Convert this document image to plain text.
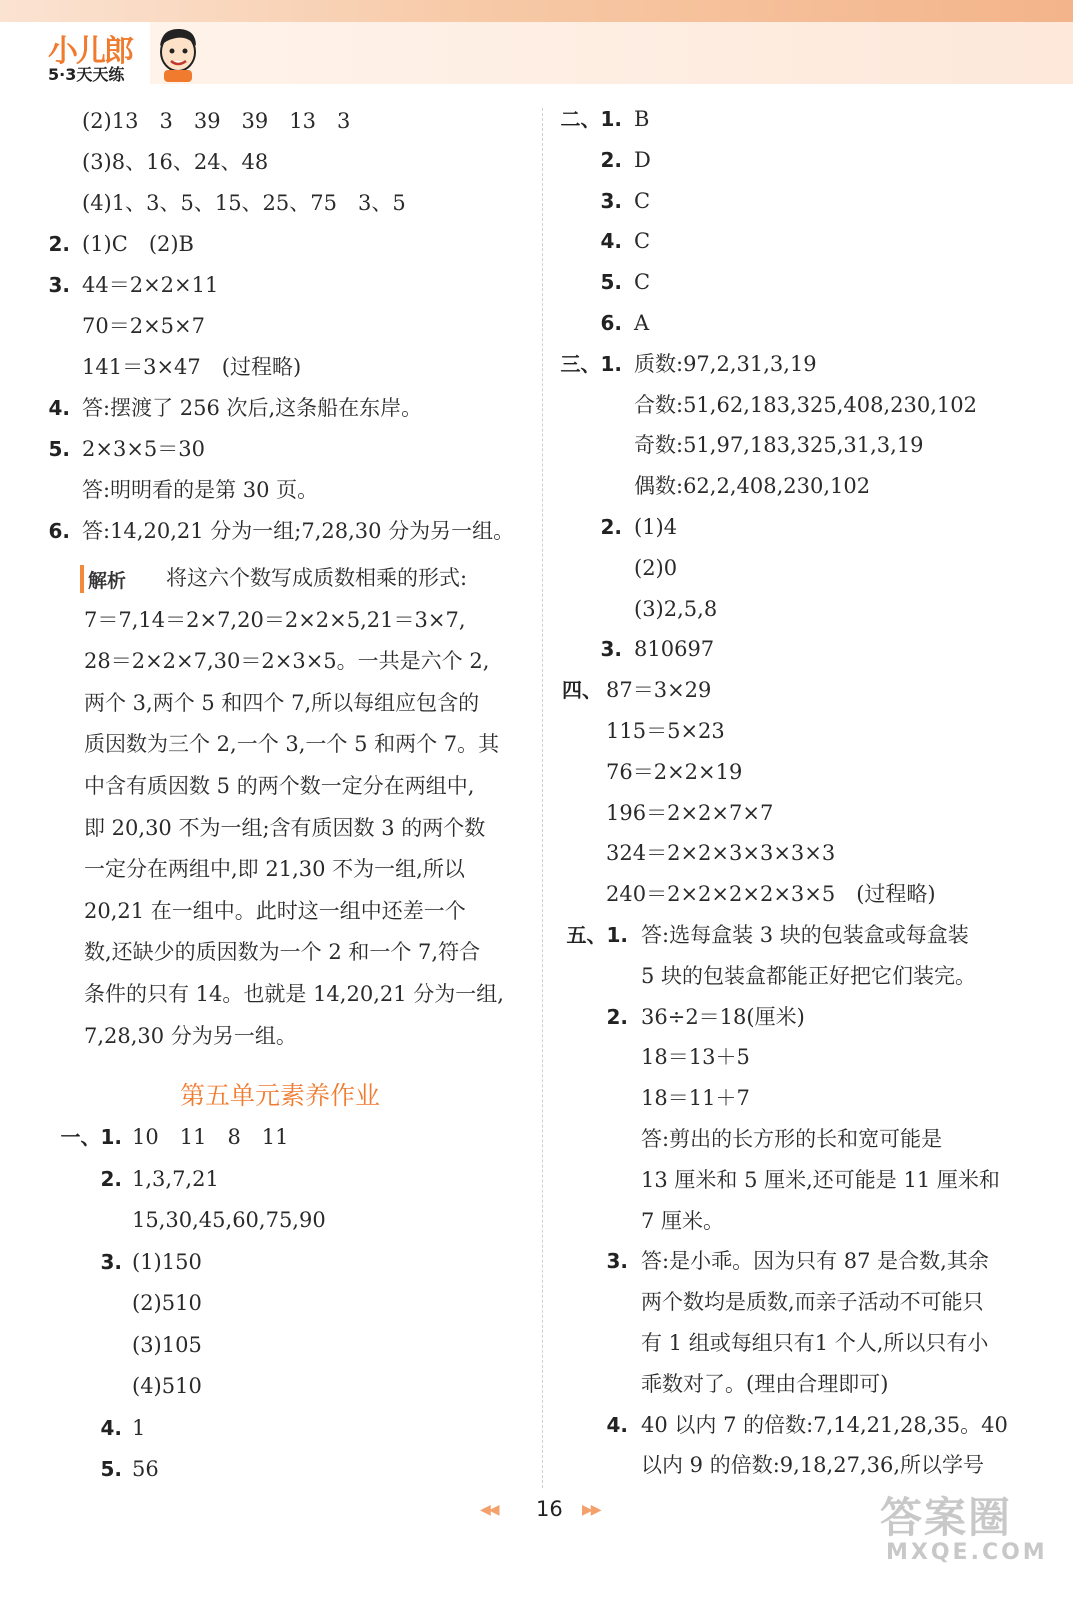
小儿郎
5·3天天练
(2)13　3　39　39　13　3
(3)8、16、24、48
(4)1、3、5、15、25、75　3、5
2. (1)C　(2)B
3. 44＝2×2×11
70＝2×5×7
141＝3×47　(过程略)
4. 答:摆渡了 256 次后,这条船在东岸。
5. 2×3×5＝30
答:明明看的是第 30 页。
6. 答:14,20,21 分为一组;7,28,30 分为另一组。
解析 将这六个数写成质数相乘的形式:
7＝7,14＝2×7,20＝2×2×5,21＝3×7,
28＝2×2×7,30＝2×3×5。一共是六个 2,
两个 3,两个 5 和四个 7,所以每组应包含的
质因数为三个 2,一个 3,一个 5 和两个 7。其
中含有质因数 5 的两个数一定分在两组中,
即 20,30 不为一组;含有质因数 3 的两个数
一定分在两组中,即 21,30 不为一组,所以
20,21 在一组中。此时这一组中还差一个
数,还缺少的质因数为一个 2 和一个 7,符合
条件的只有 14。也就是 14,20,21 分为一组,
7,28,30 分为另一组。
第五单元素养作业
一、1. 10　11　8　11
2. 1,3,7,21
15,30,45,60,75,90
3. (1)150
(2)510
(3)105
(4)510
4. 1
5. 56
二、1. B
2. D
3. C
4. C
5. C
6. A
三、1. 质数:97,2,31,3,19
合数:51,62,183,325,408,230,102
奇数:51,97,183,325,31,3,19
偶数:62,2,408,230,102
2. (1)4
(2)0
(3)2,5,8
3. 810697
四、 87＝3×29
115＝5×23
76＝2×2×19
196＝2×2×7×7
324＝2×2×3×3×3×3
240＝2×2×2×2×3×5　(过程略)
五、1. 答:选每盒装 3 块的包装盒或每盒装
5 块的包装盒都能正好把它们装完。
2. 36÷2＝18(厘米)
18＝13＋5
18＝11＋7
答:剪出的长方形的长和宽可能是
13 厘米和 5 厘米,还可能是 11 厘米和
7 厘米。
3. 答:是小乖。因为只有 87 是合数,其余
两个数均是质数,而亲子活动不可能只
有 1 组或每组只有1 个人,所以只有小
乖数对了。(理由合理即可)
4. 40 以内 7 的倍数:7,14,21,28,35。40
以内 9 的倍数:9,18,27,36,所以学号
◀◀ 16 ▶▶	答案圈
MXQE.COM
